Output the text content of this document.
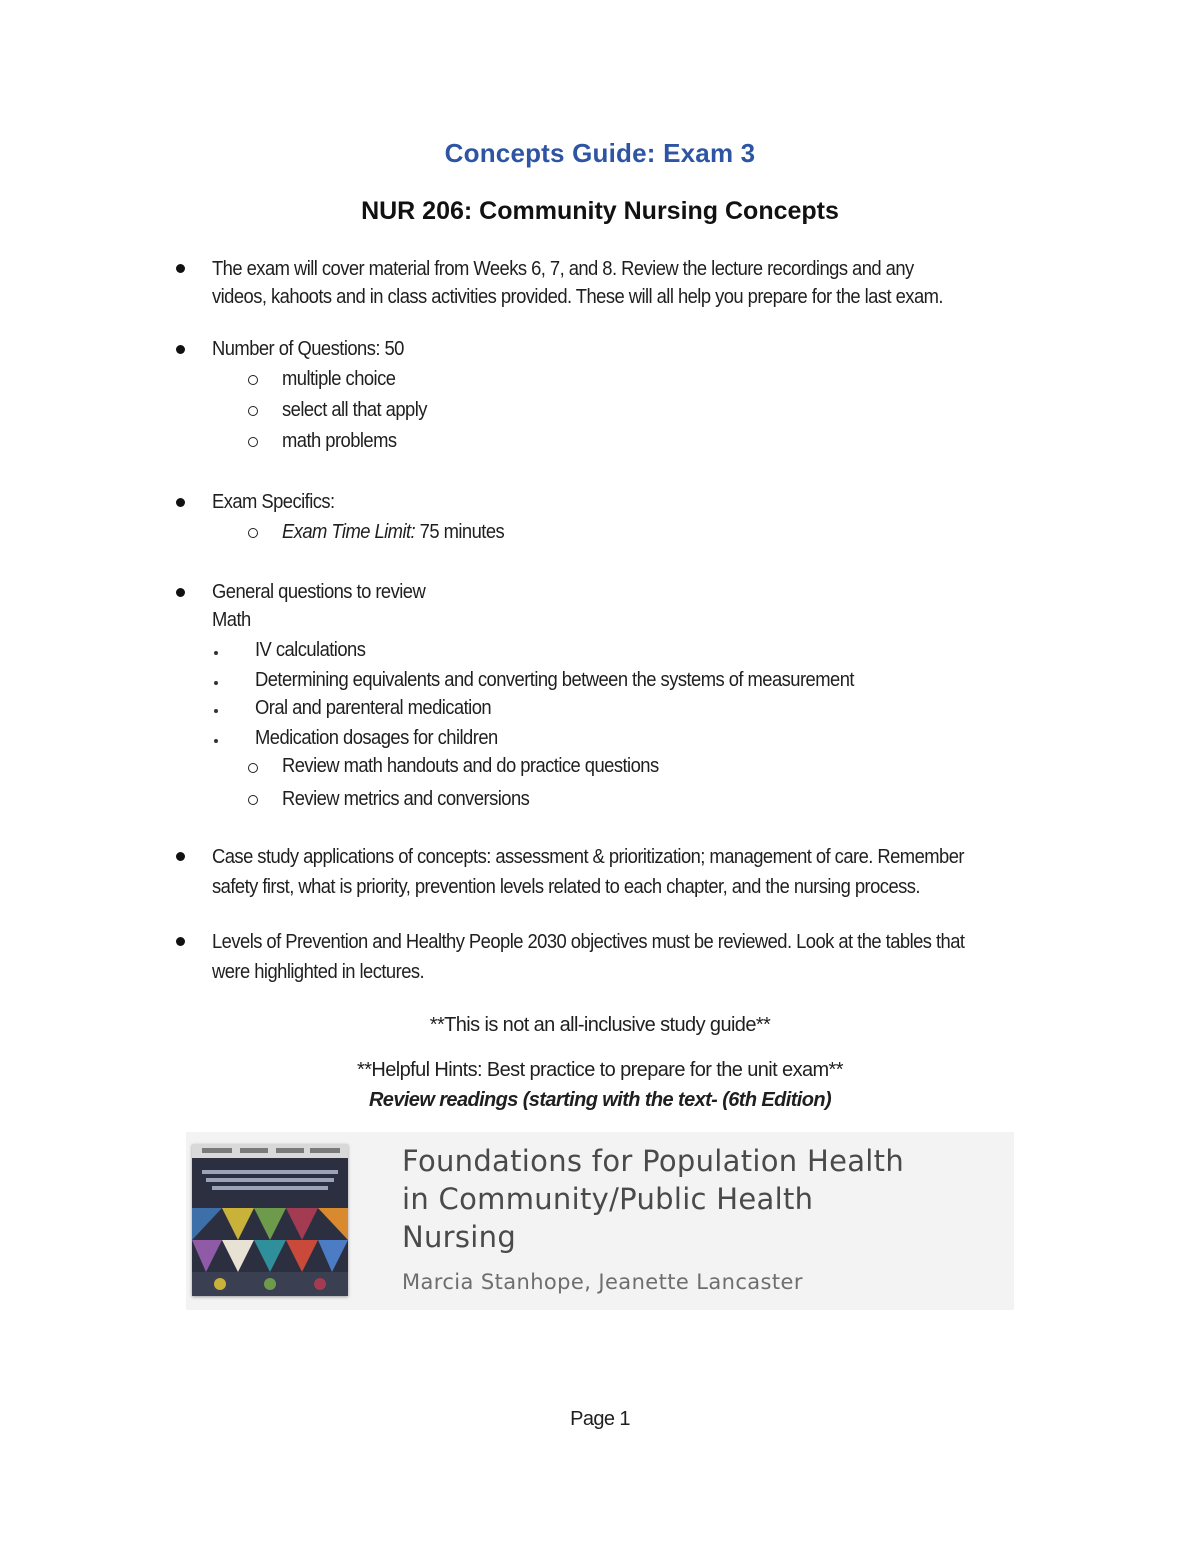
Concepts Guide: Exam 3
NUR 206: Community Nursing Concepts
The exam will cover material from Weeks 6, 7, and 8. Review the lecture recordings and any
videos, kahoots and in class activities provided. These will all help you prepare for the last exam.
Number of Questions: 50
multiple choice
select all that apply
math problems
Exam Specifics:
Exam Time Limit: 75 minutes
General questions to review
Math
IV calculations
Determining equivalents and converting between the systems of measurement
Oral and parenteral medication
Medication dosages for children
Review math handouts and do practice questions
Review metrics and conversions
Case study applications of concepts: assessment & prioritization; management of care. Remember
safety first, what is priority, prevention levels related to each chapter, and the nursing process.
Levels of Prevention and Healthy People 2030 objectives must be reviewed. Look at the tables that
were highlighted in lectures.
**This is not an all-inclusive study guide**
**Helpful Hints: Best practice to prepare for the unit exam**
Review readings (starting with the text- (6th Edition)
Foundations for Population Health
in Community/Public Health
Nursing
Marcia Stanhope, Jeanette Lancaster
Page 1
